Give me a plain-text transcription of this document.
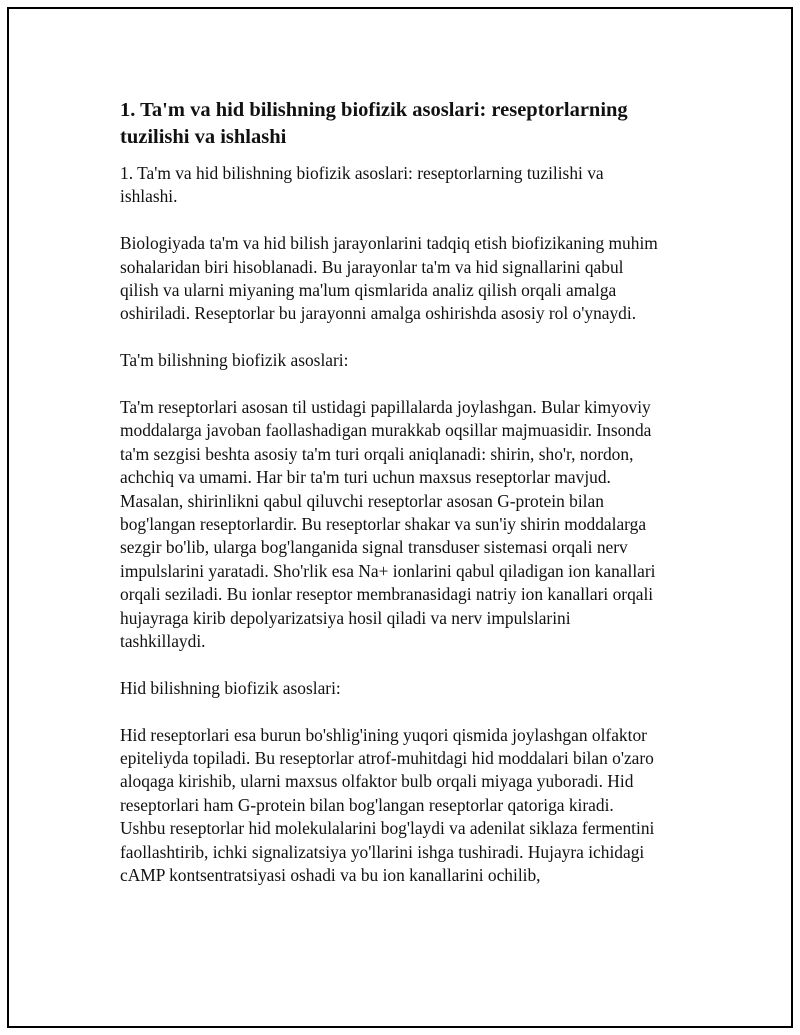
1. Ta'm va hid bilishning biofizik asoslari: reseptorlarning tuzilishi va ishlashi

1. Ta'm va hid bilishning biofizik asoslari: reseptorlarning tuzilishi va ishlashi.

Biologiyada ta'm va hid bilish jarayonlarini tadqiq etish biofizikaning muhim sohalaridan biri hisoblanadi. Bu jarayonlar ta'm va hid signallarini qabul qilish va ularni miyaning ma'lum qismlarida analiz qilish orqali amalga oshiriladi. Reseptorlar bu jarayonni amalga oshirishda asosiy rol o'ynaydi.

Ta'm bilishning biofizik asoslari:

Ta'm reseptorlari asosan til ustidagi papillalarda joylashgan. Bular kimyoviy moddalarga javoban faollashadigan murakkab oqsillar majmuasidir. Insonda ta'm sezgisi beshta asosiy ta'm turi orqali aniqlanadi: shirin, sho'r, nordon, achchiq va umami. Har bir ta'm turi uchun maxsus reseptorlar mavjud. Masalan, shirinlikni qabul qiluvchi reseptorlar asosan G-protein bilan bog'langan reseptorlardir. Bu reseptorlar shakar va sun'iy shirin moddalarga sezgir bo'lib, ularga bog'langanida signal transduser sistemasi orqali nerv impulslarini yaratadi. Sho'rlik esa Na+ ionlarini qabul qiladigan ion kanallari orqali seziladi. Bu ionlar reseptor membranasidagi natriy ion kanallari orqali hujayraga kirib depolyarizatsiya hosil qiladi va nerv impulslarini tashkillaydi.

Hid bilishning biofizik asoslari:

Hid reseptorlari esa burun bo'shlig'ining yuqori qismida joylashgan olfaktor epiteliyda topiladi. Bu reseptorlar atrof-muhitdagi hid moddalari bilan o'zaro aloqaga kirishib, ularni maxsus olfaktor bulb orqali miyaga yuboradi. Hid reseptorlari ham G-protein bilan bog'langan reseptorlar qatoriga kiradi. Ushbu reseptorlar hid molekulalarini bog'laydi va adenilat siklaza fermentini faollashtirib, ichki signalizatsiya yo'llarini ishga tushiradi. Hujayra ichidagi cAMP kontsentratsiyasi oshadi va bu ion kanallarini ochilib,
